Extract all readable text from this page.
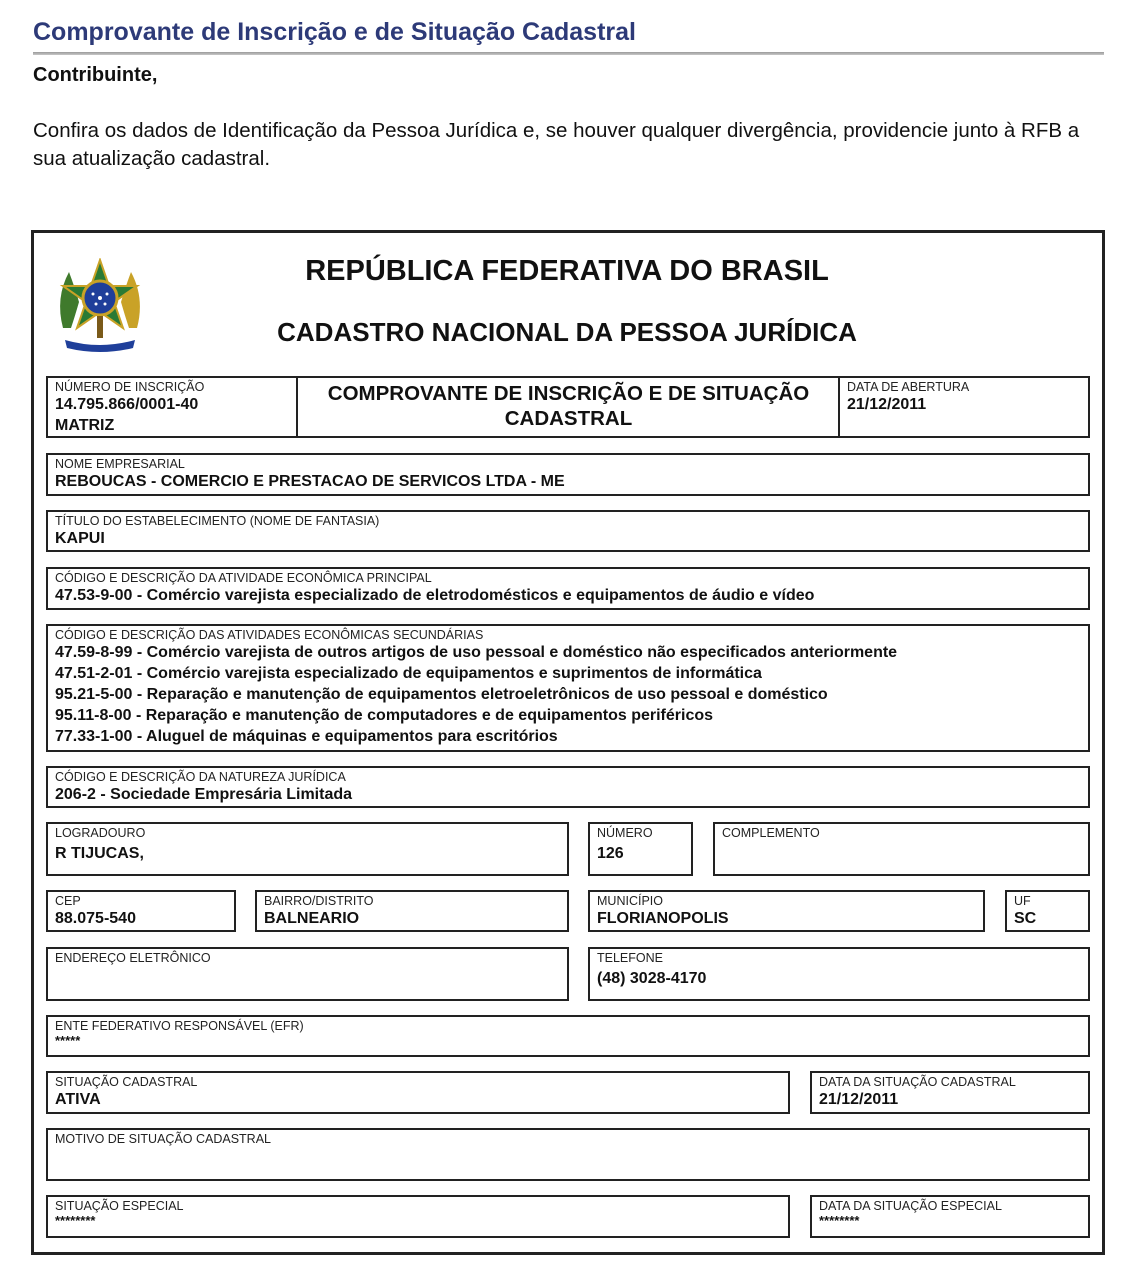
Comprovante de Inscrição e de Situação Cadastral
Contribuinte,
Confira os dados de Identificação da Pessoa Jurídica e, se houver qualquer divergência, providencie junto à RFB a sua atualização cadastral.
REPÚBLICA FEDERATIVA DO BRASIL
CADASTRO NACIONAL DA PESSOA JURÍDICA
NÚMERO DE INSCRIÇÃO
14.795.866/0001-40
MATRIZ
COMPROVANTE DE INSCRIÇÃO E DE SITUAÇÃO CADASTRAL
DATA DE ABERTURA
21/12/2011
NOME EMPRESARIAL
REBOUCAS - COMERCIO E PRESTACAO DE SERVICOS LTDA - ME
TÍTULO DO ESTABELECIMENTO (NOME DE FANTASIA)
KAPUI
CÓDIGO E DESCRIÇÃO DA ATIVIDADE ECONÔMICA PRINCIPAL
47.53-9-00 - Comércio varejista especializado de eletrodomésticos e equipamentos de áudio e vídeo
CÓDIGO E DESCRIÇÃO DAS ATIVIDADES ECONÔMICAS SECUNDÁRIAS
47.59-8-99 - Comércio varejista de outros artigos de uso pessoal e doméstico não especificados anteriormente
47.51-2-01 - Comércio varejista especializado de equipamentos e suprimentos de informática
95.21-5-00 - Reparação e manutenção de equipamentos eletroeletrônicos de uso pessoal e doméstico
95.11-8-00 - Reparação e manutenção de computadores e de equipamentos periféricos
77.33-1-00 - Aluguel de máquinas e equipamentos para escritórios
CÓDIGO E DESCRIÇÃO DA NATUREZA JURÍDICA
206-2 - Sociedade Empresária Limitada
LOGRADOURO
R TIJUCAS,
NÚMERO
126
COMPLEMENTO
CEP
88.075-540
BAIRRO/DISTRITO
BALNEARIO
MUNICÍPIO
FLORIANOPOLIS
UF
SC
ENDEREÇO ELETRÔNICO	TELEFONE
(48) 3028-4170
ENTE FEDERATIVO RESPONSÁVEL (EFR)
*****
SITUAÇÃO CADASTRAL
ATIVA
DATA DA SITUAÇÃO CADASTRAL
21/12/2011
MOTIVO DE SITUAÇÃO CADASTRAL
SITUAÇÃO ESPECIAL
********
DATA DA SITUAÇÃO ESPECIAL
********
